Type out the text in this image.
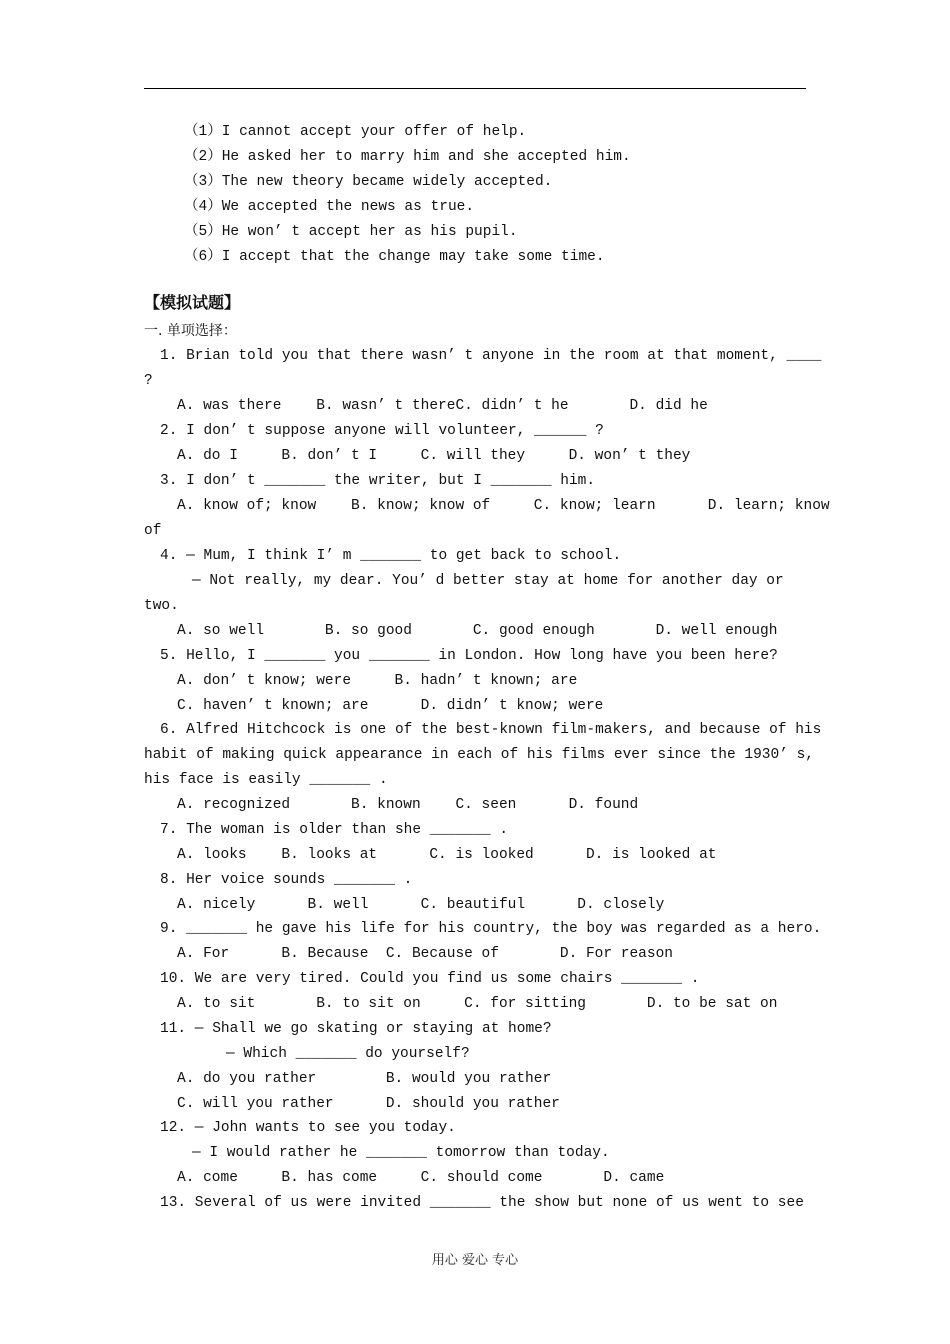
（1）I cannot accept your offer of help.
（2）He asked her to marry him and she accepted him.
（3）The new theory became widely accepted.
（4）We accepted the news as true.
（5）He won’ t accept her as his pupil.
（6）I accept that the change may take some time.
【模拟试题】
一. 单项选择：
1. Brian told you that there wasn’ t anyone in the room at that moment, ____
?
A. was there    B. wasn’ t thereC. didn’ t he       D. did he
2. I don’ t suppose anyone will volunteer, ______ ?
A. do I     B. don’ t I     C. will they     D. won’ t they
3. I don’ t _______ the writer, but I _______ him.
A. know of; know    B. know; know of     C. know; learn      D. learn; know
of
4. — Mum, I think I’ m _______ to get back to school.
— Not really, my dear. You’ d better stay at home for another day or
two.
A. so well       B. so good       C. good enough       D. well enough
5. Hello, I _______ you _______ in London. How long have you been here?
A. don’ t know; were     B. hadn’ t known; are
C. haven’ t known; are      D. didn’ t know; were
6. Alfred Hitchcock is one of the best-known film-makers, and because of his
habit of making quick appearance in each of his films ever since the 1930’ s,
his face is easily _______ .
A. recognized       B. known    C. seen      D. found
7. The woman is older than she _______ .
A. looks    B. looks at      C. is looked      D. is looked at
8. Her voice sounds _______ .
A. nicely      B. well      C. beautiful      D. closely
9. _______ he gave his life for his country, the boy was regarded as a hero.
A. For      B. Because  C. Because of       D. For reason
10. We are very tired. Could you find us some chairs _______ .
A. to sit       B. to sit on     C. for sitting       D. to be sat on
11. — Shall we go skating or staying at home?
— Which _______ do yourself?
A. do you rather        B. would you rather
C. will you rather      D. should you rather
12. — John wants to see you today.
— I would rather he _______ tomorrow than today.
A. come     B. has come     C. should come       D. came
13. Several of us were invited _______ the show but none of us went to see
用心 爱心 专心
